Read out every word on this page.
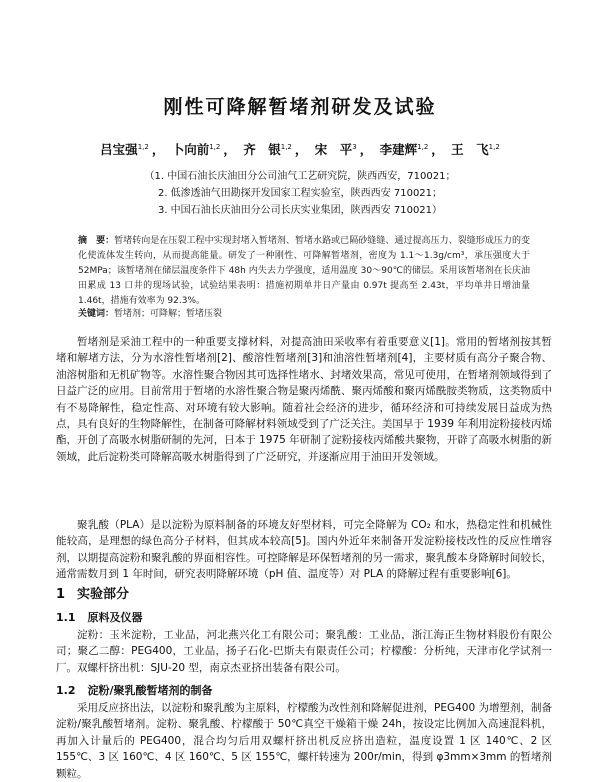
刚性可降解暂堵剂研发及试验
吕宝强$^{1,2}$ ， 卜向前$^{1,2}$ ， 齐　银$^{1,2}$ ， 宋　平$^3$ ， 李建辉$^{1,2}$ ， 王　飞$^{1,2}$
（1. 中国石油长庆油田分公司油气工艺研究院，陕西西安，710021；
2. 低渗透油气田勘探开发国家工程实验室，陕西西安 710021；
3. 中国石油长庆油田分公司长庆实业集团，陕西西安 710021）
摘　要：暂堵转向是在压裂工程中实现封堵入暂堵剂、暂堵水路或已隔砂缝缝、通过提高压力、裂缝形成压力的变化使流体发生转向，从而提高能量。研发了一种刚性、可降解暂堵剂，密度为 1.1～1.3g/cm³，承压强度大于 52MPa；该暂堵剂在储层温度条件下 48h 内失去力学强度，适用温度 30～90℃的储层。采用该暂堵剂在长庆油田累成 13 口井的现场试验，试验结果表明：措施初期单井日产量由 0.97t 提高至 2.43t，平均单井日增油量 1.46t，措施有效率为 92.3%。
关键词：暂堵剂；可降解；暂堵压裂

暂堵剂是采油工程中的一种重要支撑材料，对提高油田采收率有着重要意义[1]。常用的暂堵剂按其暂堵和解堵方法，分为水溶性暂堵剂[2]、酸溶性暂堵剂[3]和油溶性暂堵剂[4]，主要材质有高分子聚合物、油溶树脂和无机矿物等。水溶性聚合物因其可选择性堵水、封堵效果高，常见可使用，在暂堵剂领域得到了日益广泛的应用。目前常用于暂堵的水溶性聚合物是聚丙烯酰、聚丙烯酸和聚丙烯酰胺类物质，这类物质中有不易降解性，稳定性高、对环境有较大影响。随着社会经济的进步，循环经济和可持续发展日益成为热点，具有良好的生物降解性，在制备可降解材料领域受到了广泛关注。美国早于 1939 年利用淀粉接枝丙烯酯，开创了高吸水树脂研制的先河，日本于 1975 年研制了淀粉接枝丙烯酸共聚物，开辟了高吸水树脂的新领域，此后淀粉类可降解高吸水树脂得到了广泛研究，并逐渐应用于油田开发领域。

聚乳酸（PLA）是以淀粉为原料制备的环境友好型材料，可完全降解为 CO₂ 和水，热稳定性和机械性能较高，是理想的绿色高分子材料，但其成本较高[5]。国内外近年来制备开发淀粉接枝改性的反应性增容剂，以期提高淀粉和聚乳酸的界面相容性。可控降解是环保暂堵剂的另一需求，聚乳酸本身降解时间较长，通常需数月到 1 年时间，研究表明降解环境（pH 值、温度等）对 PLA 的降解过程有重要影响[6]。

1 实验部分
1.1 原料及仪器

淀粉：玉米淀粉，工业品，河北燕兴化工有限公司；聚乳酸：工业品，浙江海正生物材料股份有限公司；聚乙二醇：PEG400，工业品，扬子石化-巴斯夫有限责任公司；柠檬酸：分析纯，天津市化学试剂一厂。双螺杆挤出机：SJU-20 型，南京杰亚挤出装备有限公司。

1.2 淀粉/聚乳酸暂堵剂的制备

采用反应挤出法，以淀粉和聚乳酸为主原料，柠檬酸为改性剂和降解促进剂，PEG400 为增塑剂，制备淀粉/聚乳酸暂堵剂。淀粉、聚乳酸、柠檬酸于 50℃真空干燥箱干燥 24h，按设定比例加入高速混料机，再加入计量后的 PEG400，混合均匀后用双螺杆挤出机反应挤出造粒，温度设置 1 区 140℃、2 区 155℃、3 区 160℃、4 区 160℃、5 区 155℃，螺杆转速为 200r/min，得到 φ3mm×3mm 的暂堵剂颗粒。
